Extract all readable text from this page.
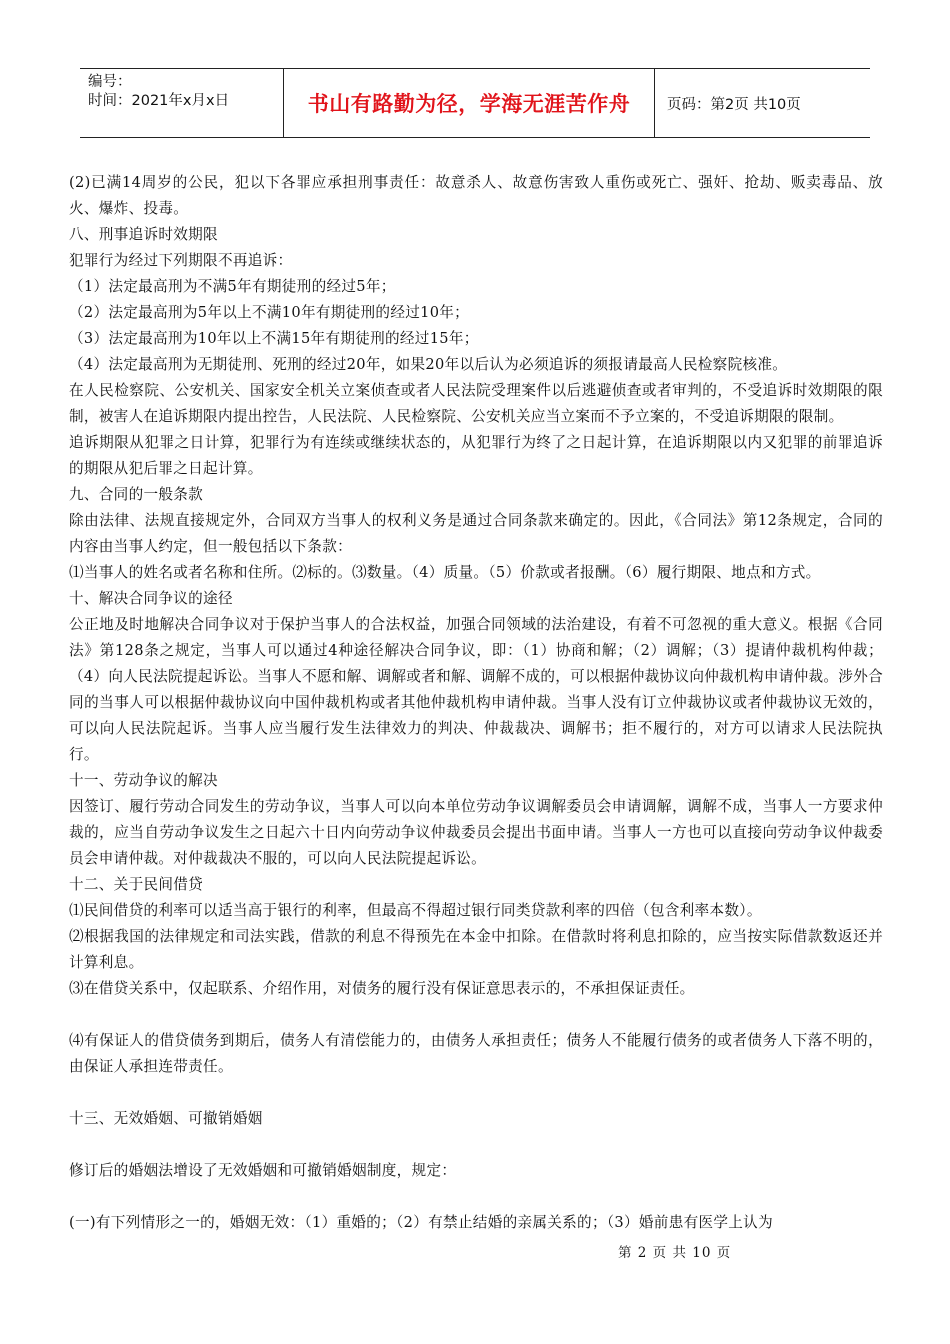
编号：
时间：2021年x月x日	书山有路勤为径，学海无涯苦作舟	页码：第2页 共10页

(2)已满14周岁的公民，犯以下各罪应承担刑事责任：故意杀人、故意伤害致人重伤或死亡、强奸、抢劫、贩卖毒品、放火、爆炸、投毒。

八、刑事追诉时效期限

犯罪行为经过下列期限不再追诉：

（1）法定最高刑为不满5年有期徒刑的经过5年；

（2）法定最高刑为5年以上不满10年有期徒刑的经过10年；

（3）法定最高刑为10年以上不满15年有期徒刑的经过15年；

（4）法定最高刑为无期徒刑、死刑的经过20年，如果20年以后认为必须追诉的须报请最高人民检察院核准。

在人民检察院、公安机关、国家安全机关立案侦查或者人民法院受理案件以后逃避侦查或者审判的，不受追诉时效期限的限制，被害人在追诉期限内提出控告，人民法院、人民检察院、公安机关应当立案而不予立案的，不受追诉期限的限制。

追诉期限从犯罪之日计算，犯罪行为有连续或继续状态的，从犯罪行为终了之日起计算，在追诉期限以内又犯罪的前罪追诉的期限从犯后罪之日起计算。

九、合同的一般条款

除由法律、法规直接规定外，合同双方当事人的权利义务是通过合同条款来确定的。因此，《合同法》第12条规定，合同的内容由当事人约定，但一般包括以下条款：

⑴当事人的姓名或者名称和住所。⑵标的。⑶数量。（4）质量。（5）价款或者报酬。（6）履行期限、地点和方式。

十、解决合同争议的途径

公正地及时地解决合同争议对于保护当事人的合法权益，加强合同领域的法治建设，有着不可忽视的重大意义。根据《合同法》第128条之规定，当事人可以通过4种途径解决合同争议，即：（1）协商和解；（2）调解；（3）提请仲裁机构仲裁；（4）向人民法院提起诉讼。当事人不愿和解、调解或者和解、调解不成的，可以根据仲裁协议向仲裁机构申请仲裁。涉外合同的当事人可以根据仲裁协议向中国仲裁机构或者其他仲裁机构申请仲裁。当事人没有订立仲裁协议或者仲裁协议无效的，可以向人民法院起诉。当事人应当履行发生法律效力的判决、仲裁裁决、调解书；拒不履行的，对方可以请求人民法院执行。

十一、劳动争议的解决

因签订、履行劳动合同发生的劳动争议，当事人可以向本单位劳动争议调解委员会申请调解，调解不成，当事人一方要求仲裁的，应当自劳动争议发生之日起六十日内向劳动争议仲裁委员会提出书面申请。当事人一方也可以直接向劳动争议仲裁委员会申请仲裁。对仲裁裁决不服的，可以向人民法院提起诉讼。

十二、关于民间借贷

⑴民间借贷的利率可以适当高于银行的利率，但最高不得超过银行同类贷款利率的四倍（包含利率本数）。

⑵根据我国的法律规定和司法实践，借款的利息不得预先在本金中扣除。在借款时将利息扣除的，应当按实际借款数返还并计算利息。

⑶在借贷关系中，仅起联系、介绍作用，对债务的履行没有保证意思表示的，不承担保证责任。

⑷有保证人的借贷债务到期后，债务人有清偿能力的，由债务人承担责任；债务人不能履行债务的或者债务人下落不明的，由保证人承担连带责任。

十三、无效婚姻、可撤销婚姻

修订后的婚姻法增设了无效婚姻和可撤销婚姻制度，规定：

(一)有下列情形之一的，婚姻无效：（1）重婚的；（2）有禁止结婚的亲属关系的；（3）婚前患有医学上认为

第 2 页 共 10 页
